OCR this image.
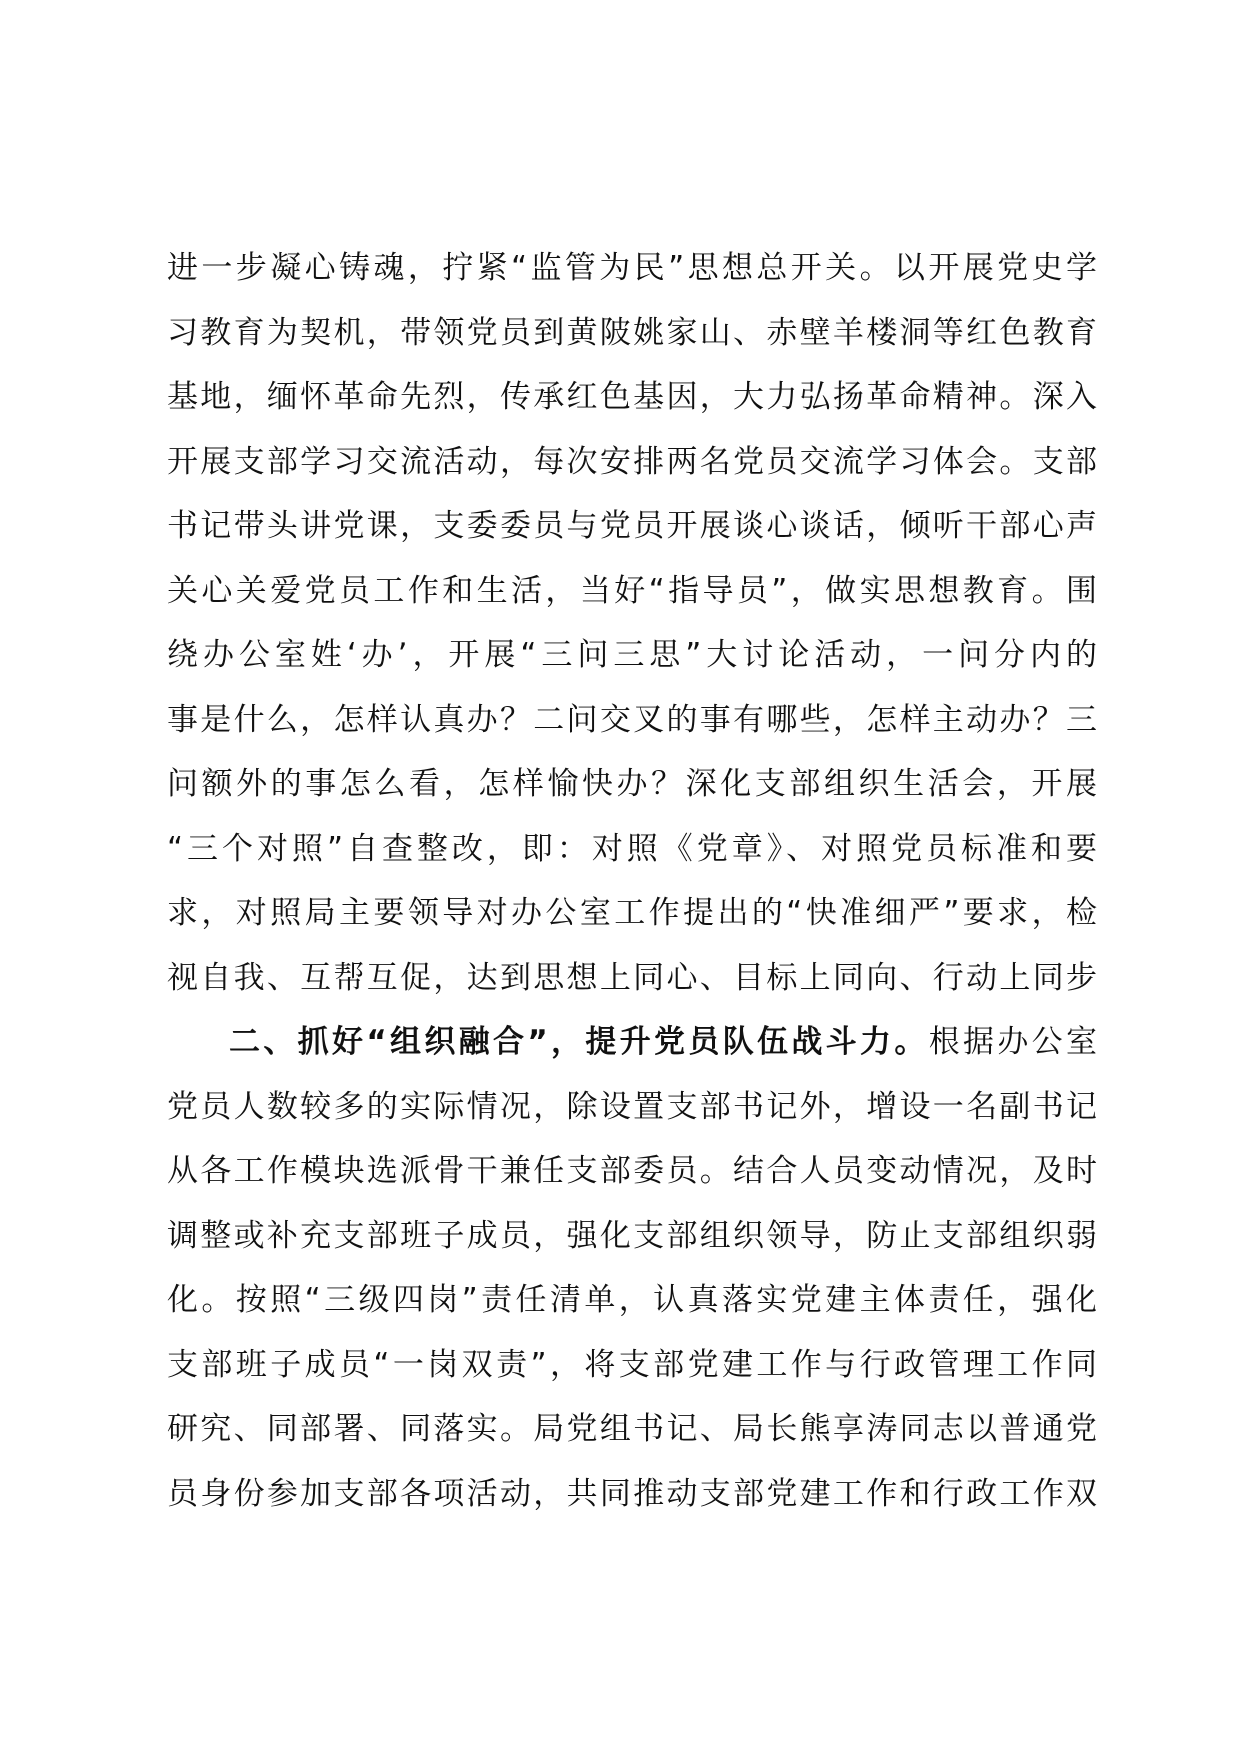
进一步凝心铸魂，拧紧“监管为民”思想总开关。以开展党史学
习教育为契机，带领党员到黄陂姚家山、赤壁羊楼洞等红色教育
基地，缅怀革命先烈，传承红色基因，大力弘扬革命精神。深入
开展支部学习交流活动，每次安排两名党员交流学习体会。支部
书记带头讲党课，支委委员与党员开展谈心谈话，倾听干部心声
关心关爱党员工作和生活，当好“指导员”，做实思想教育。围
绕办公室姓‘办’，开展“三问三思”大讨论活动，一问分内的
事是什么，怎样认真办？二问交叉的事有哪些，怎样主动办？三
问额外的事怎么看，怎样愉快办？深化支部组织生活会，开展
“三个对照”自查整改，即：对照《党章》、对照党员标准和要
求，对照局主要领导对办公室工作提出的“快准细严”要求，检
视自我、互帮互促，达到思想上同心、目标上同向、行动上同步
二、抓好“组织融合”，提升党员队伍战斗力。根据办公室
党员人数较多的实际情况，除设置支部书记外，增设一名副书记
从各工作模块选派骨干兼任支部委员。结合人员变动情况，及时
调整或补充支部班子成员，强化支部组织领导，防止支部组织弱
化。按照“三级四岗”责任清单，认真落实党建主体责任，强化
支部班子成员“一岗双责”，将支部党建工作与行政管理工作同
研究、同部署、同落实。局党组书记、局长熊享涛同志以普通党
员身份参加支部各项活动，共同推动支部党建工作和行政工作双
